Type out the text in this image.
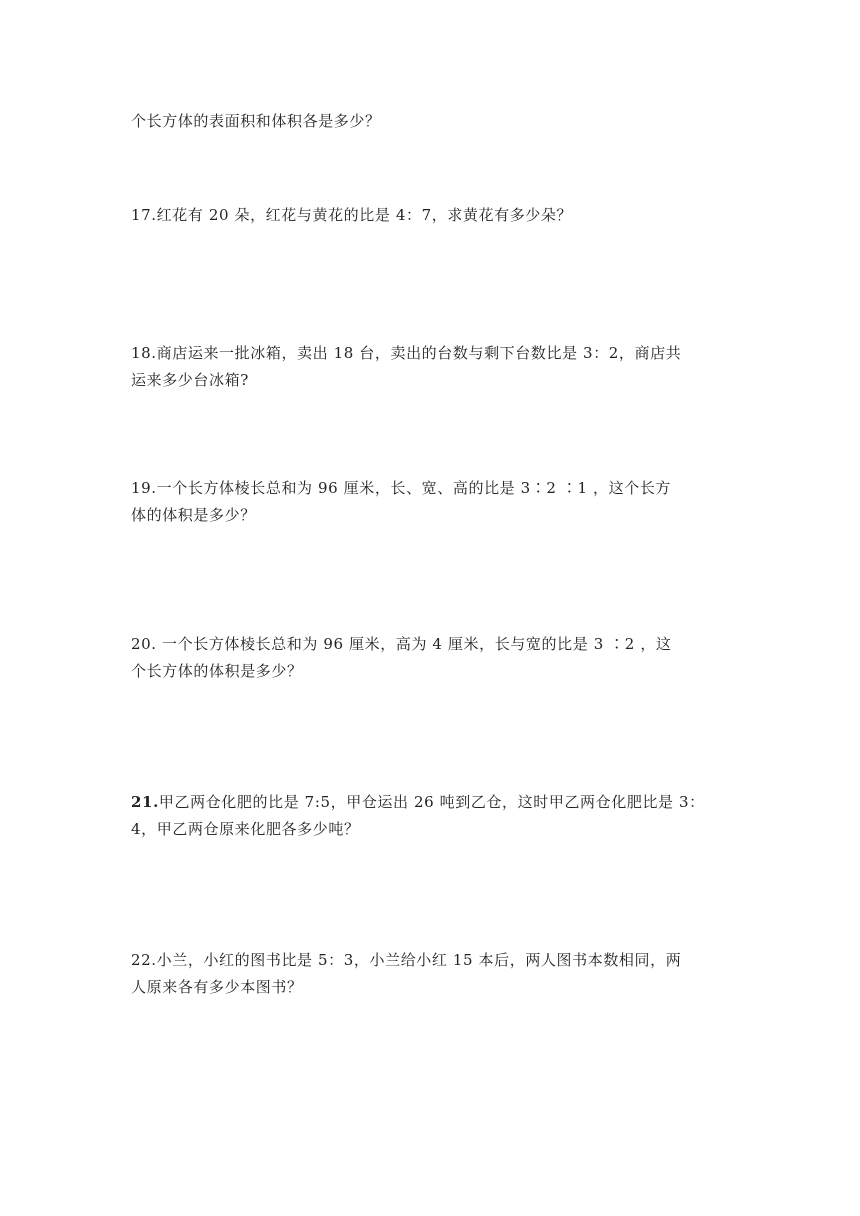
个长方体的表面积和体积各是多少？
17.红花有 20 朵，红花与黄花的比是 4：7，求黄花有多少朵？
18.商店运来一批冰箱，卖出 18 台，卖出的台数与剩下台数比是 3：2，商店共
运来多少台冰箱?
19.一个长方体棱长总和为 96 厘米，长、宽、高的比是 3∶2 ∶1 ，这个长方
体的体积是多少？
20. 一个长方体棱长总和为 96 厘米，高为 4 厘米，长与宽的比是 3 ∶2 ，这
个长方体的体积是多少？
21.甲乙两仓化肥的比是 7:5，甲仓运出 26 吨到乙仓，这时甲乙两仓化肥比是 3：
4，甲乙两仓原来化肥各多少吨？
22.小兰，小红的图书比是 5：3，小兰给小红 15 本后，两人图书本数相同，两
人原来各有多少本图书？
